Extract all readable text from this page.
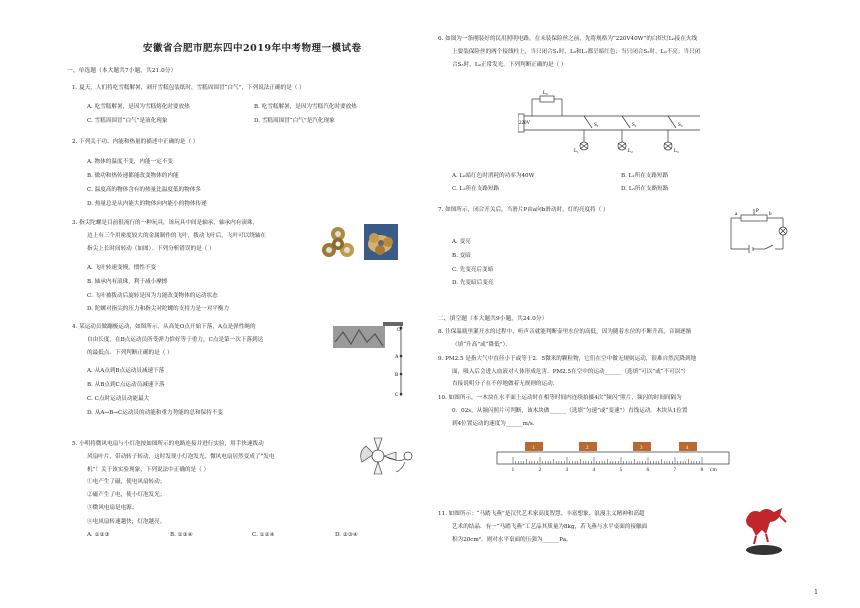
安徽省合肥市肥东四中2019年中考物理一模试卷
一、单选题（本大题共7小题，共21.0分）
1. 夏天，人们将吃雪糕解暑，剥开雪糕包装纸时，雪糕周围冒“白气”，下列说法正确的是（ ）
A. 吃雪糕解暑，是因为雪糕熔化时要放热	B. 吃雪糕解暑，是因为雪糕汽化时要放热
C. 雪糕周围冒“白气”是液化现象	D. 雪糕周围冒“白气”是汽化现象
2. 下列关于功、内能和热量的描述中正确的是（ ）
A. 物体的温度不变，内能一定不变
B. 做功和热传递都能改变物体的内能
C. 温度高的物体含有的热量比温度低的物体多
D. 热量总是从内能大的物体向内能小的物体传递
3. 指尖陀螺是目前很流行的一种玩具，该玩具中间是轴承，轴承内有滚珠，
边上有三个用密度较大的金属制作的飞叶，拨动飞叶后，飞叶可以绕轴在
指尖上长时间转动（如图）．下列分析错误的是（ ）
A. 飞叶转速变慢，惯性不变
B. 轴承内有滚珠，利于减小摩擦
C. 飞叶被拨动后旋转是因为力能改变物体的运动状态
D. 陀螺对指尖的压力和指尖对陀螺的支持力是一对平衡力
4. 某运动员做蹦极运动，如图所示，从高处O点开始下落，A点是弹性绳的
自由长度，在B点运动员所受弹力恰好等于重力，C点是第一次下落到达
的最低点．下列判断正确的是（ ）
O
A
B
C
A. 从A点到B点运动员减速下落
B. 从B点到C点运动员减速下落
C. C点时运动员动能最大
D. 从A→B→C运动员的动能和重力势能的总和保持不变
5. 小明将微风电扇与小灯泡按如图所示的电路连接并进行实验，用手快速拨动
风扇叶片，带动转子转动，这时发现小灯泡发光，微风电扇居然变成了“发电
机”！关于该实验现象，下列说法中正确的是（ ）
①电产生了磁，使电风扇转动；
②磁产生了电，使小灯泡发光；
③微风电扇是电源；
④电风扇转速越快，灯泡越亮。
A. ①②③	B. ①③④	C. ①②④	D. ②③④
6. 如图为一条刚装好的民用照明电路，在未装保险丝之前，先将规格为“220V40W”的白炽灯L₀接在火线
上要装保险丝的两个接线柱上，当只闭合S₁时，L₀和L₁都呈暗红色；当只闭合S₂时，L₀不亮；当只闭
合S₃时，L₀正常发光。下列判断正确的是（ ）
220V
L₀
S₁	S₂	S₃
L₁	L₂	L₃
A. L₀暗红色时消耗的功率为40W	B. L₁所在支路短路
C. L₂所在支路短路	D. L₃所在支路短路
7. 如图所示，闭合开关后，当滑片P由a向b滑动时，灯的亮度将（ ）
a
P
b
A. 变亮
B. 变暗
C. 先变亮后变暗
D. 先变暗后变亮
二、填空题（本大题共9小题，共24.0分）
8. 往保温瓶里灌开水的过程中，听声音就能判断壶里水位的高低，因为随着水位的不断升高，音调逐渐
（填“升高”或“降低”）．
9. PM2.5 是指大气中直径小于或等于2．5微米的颗粒物，它们在空中做无规则运动，很难自然沉降到地
面，吸入后会进入血液对人体形成危害．PM2.5在空中的运动______（选填“可以”或“不可以”）
直接说明分子在不停地做着无规则的运动．
10. 如图所示，一木块在水平面上运动时在相等时间内连续拍摄4次“频闪”照片，频闪的时间间隔为
0．02s，从频闪照片可判断，该木块做______（选填“匀速”或“变速”）直线运动。木块从1位置
到4位置运动的速度为______m/s．
1	2	3	4
1	2	3	4	5	6	7	8 cm
11. 如图所示：“马踏飞燕”是汉代艺术家高度智慧、丰富想象、浪漫主义精神和高超
艺术的结晶．有一“马踏飞燕”工艺品其质量为8kg，若飞燕与水平桌面的接触面
积为20cm²，则对水平桌面的压强为______Pa。
1
